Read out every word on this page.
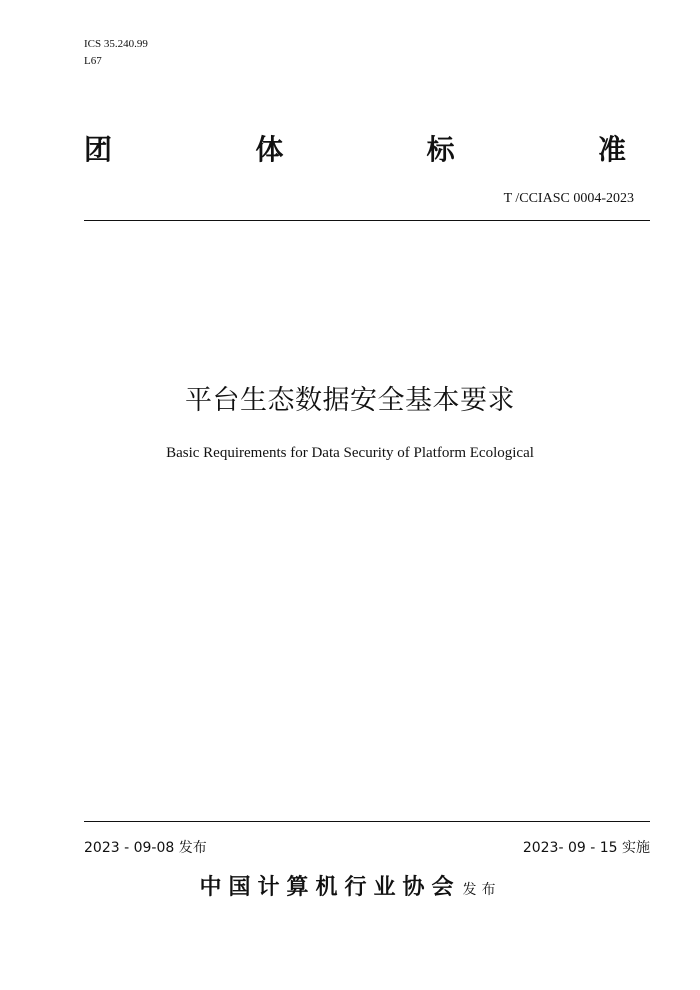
ICS 35.240.99
L67
团	体	标	准
T /CCIASC 0004-2023
平台生态数据安全基本要求
Basic Requirements for Data Security of Platform Ecological
2023 - 09-08 发布	2023- 09 - 15 实施
中国计算机行业协会 发布
